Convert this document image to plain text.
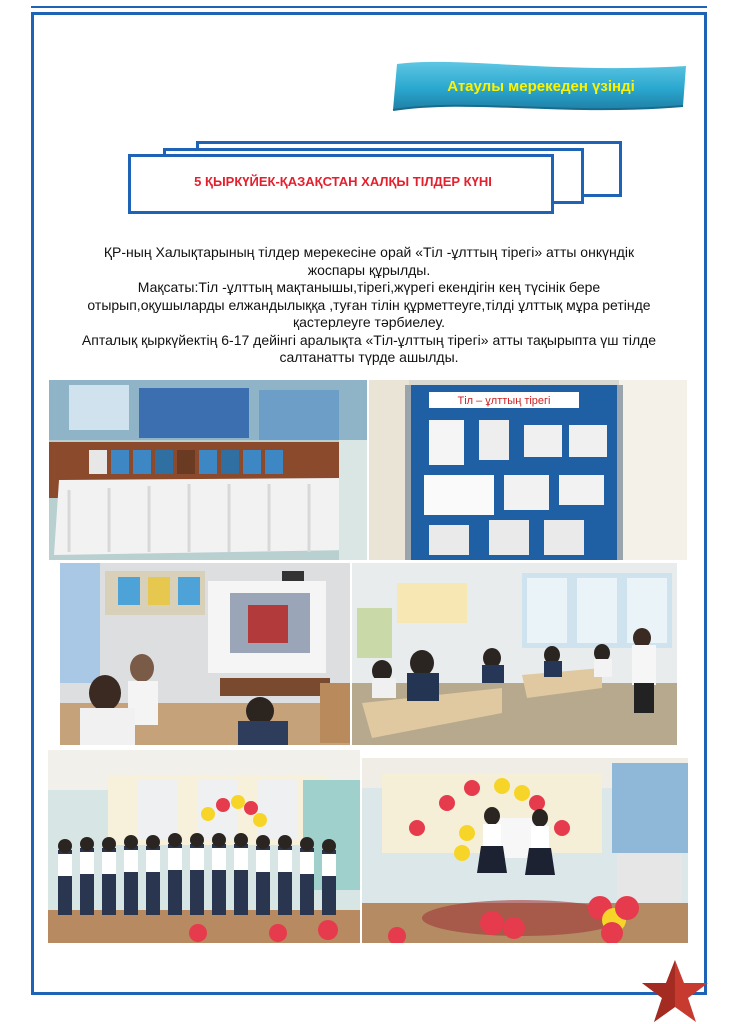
Атаулы мерекеден үзінді
5 ҚЫРКҮЙЕК-ҚАЗАҚСТАН ХАЛҚЫ ТІЛДЕР КҮНІ

ҚР-ның Халықтарының тілдер мерекесіне орай «Тіл -ұлттың тірегі» атты онкүндік

жоспары құрылды.

Мақсаты:Тіл -ұлттың мақтанышы,тірегі,жүрегі екендігін кең түсінік бере

отырып,оқушыларды елжандылыққа ,туған тілін құрметтеуге,тілді ұлттық мұра ретінде

қастерлеуге тәрбиелеу.

Апталық қыркүйектің 6-17 дейінгі аралықта «Тіл-ұлттың тірегі» атты тақырыпта үш тілде

салтанатты түрде ашылды.

Тіл – ұлттың тірегі
